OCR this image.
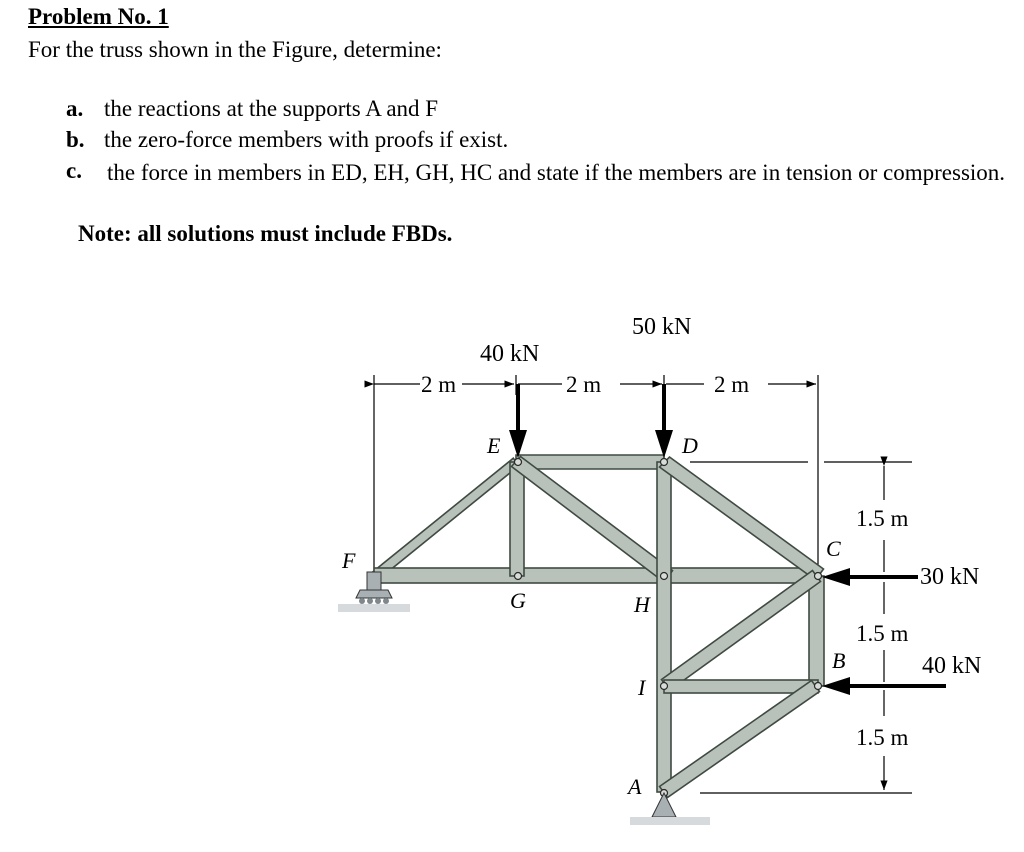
Problem No. 1
For the truss shown in the Figure, determine:
a. the reactions at the supports A and F
b. the zero-force members with proofs if exist.
c. the force in members in ED, EH, GH, HC and state if the members are in tension or compression.
Note: all solutions must include FBDs.
40 kN
50 kN
30 kN
40 kN
2 m	2 m	2 m
1.5 m
1.5 m
1.5 m
F
E	D
G	H
C
B
I
A
